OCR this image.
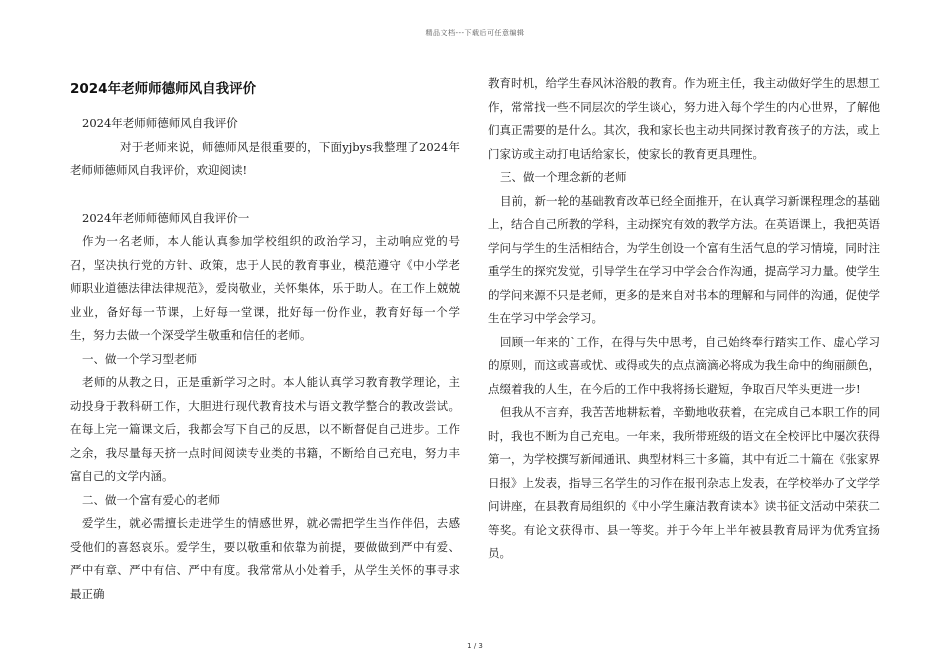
精品文档---下载后可任意编辑
2024年老师师德师风自我评价

2024年老师师德师风自我评价

对于老师来说，师德师风是很重要的，下面yjbys我整理了2024年老师师德师风自我评价，欢迎阅读!

2024年老师师德师风自我评价一

作为一名老师，本人能认真参加学校组织的政治学习，主动响应党的号召，坚决执行党的方针、政策，忠于人民的教育事业，模范遵守《中小学老师职业道德法律法律规范》，爱岗敬业，关怀集体，乐于助人。在工作上兢兢业业，备好每一节课，上好每一堂课，批好每一份作业，教育好每一个学生，努力去做一个深受学生敬重和信任的老师。

一、做一个学习型老师

老师的从教之日，正是重新学习之时。本人能认真学习教育教学理论，主动投身于教科研工作，大胆进行现代教育技术与语文教学整合的教改尝试。在每上完一篇课文后，我都会写下自己的反思，以不断督促自己进步。工作之余，我尽量每天挤一点时间阅读专业类的书籍，不断给自己充电，努力丰富自己的文学内涵。

二、做一个富有爱心的老师

爱学生，就必需擅长走进学生的情感世界，就必需把学生当作伴侣，去感受他们的喜怒哀乐。爱学生，要以敬重和依靠为前提，要做做到严中有爱、严中有章、严中有信、严中有度。我常常从小处着手，从学生关怀的事寻求最正确

教育时机，给学生春风沐浴般的教育。作为班主任，我主动做好学生的思想工作，常常找一些不同层次的学生谈心，努力进入每个学生的内心世界，了解他们真正需要的是什么。其次，我和家长也主动共同探讨教育孩子的方法，或上门家访或主动打电话给家长，使家长的教育更具理性。

三、做一个理念新的老师

目前，新一轮的基础教育改革已经全面推开，在认真学习新课程理念的基础上，结合自己所教的学科，主动探究有效的教学方法。在英语课上，我把英语学问与学生的生活相结合，为学生创设一个富有生活气息的学习情境，同时注重学生的探究发觉，引导学生在学习中学会合作沟通，提高学习力量。使学生的学问来源不只是老师，更多的是来自对书本的理解和与同伴的沟通，促使学生在学习中学会学习。

回顾一年来的`工作，在得与失中思考，自己始终奉行踏实工作、虚心学习的原则，而这或喜或忧、或得或失的点点滴滴必将成为我生命中的绚丽颜色，点缀着我的人生，在今后的工作中我将扬长避短，争取百尺竿头更进一步!

但我从不言弃，我苦苦地耕耘着，辛勤地收获着，在完成自己本职工作的同时，我也不断为自己充电。一年来，我所带班级的语文在全校评比中屡次获得第一，为学校撰写新闻通讯、典型材料三十多篇，其中有近二十篇在《张家界日报》上发表，指导三名学生的习作在报刊杂志上发表，在学校举办了文学学问讲座，在县教育局组织的《中小学生廉洁教育读本》读书征文活动中荣获二等奖。有论文获得市、县一等奖。并于今年上半年被县教育局评为优秀宜扬员。

1 / 3
